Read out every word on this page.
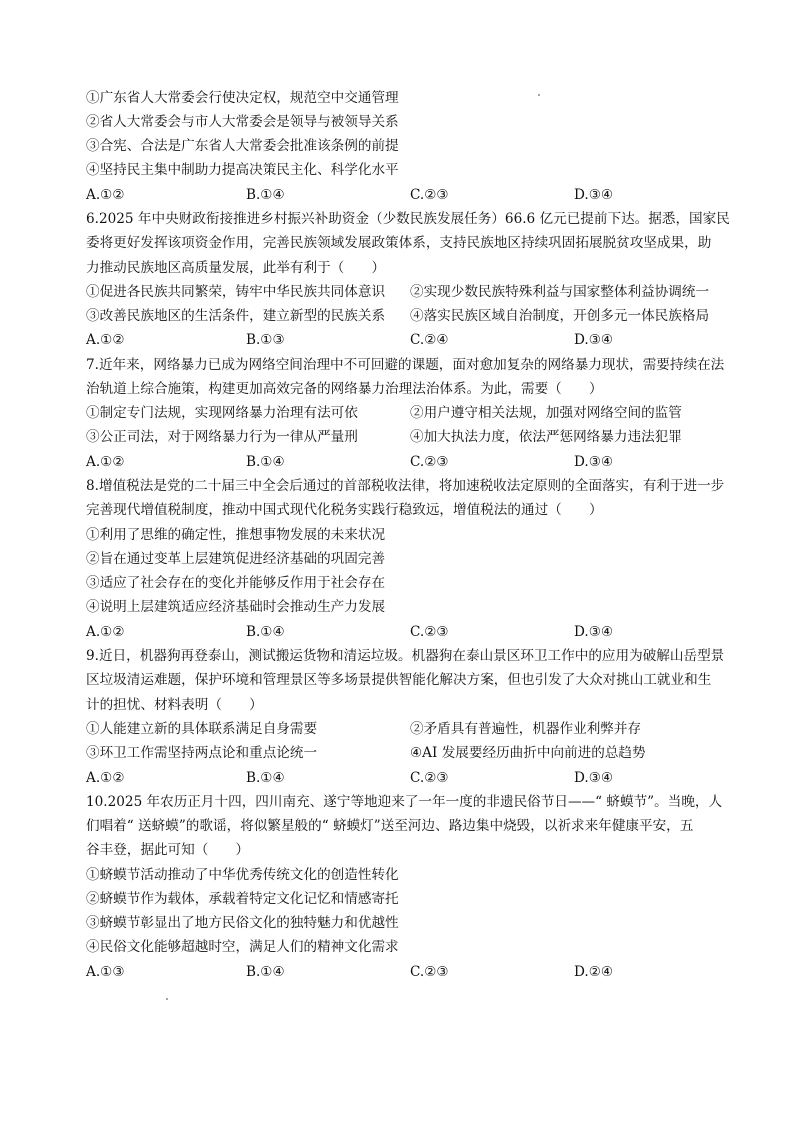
①广东省人大常委会行使决定权，规范空中交通管理
②省人大常委会与市人大常委会是领导与被领导关系
③合宪、合法是广东省人大常委会批准该条例的前提
④坚持民主集中制助力提高决策民主化、科学化水平
A.①②	B.①④	C.②③	D.③④
6.2025 年中央财政衔接推进乡村振兴补助资金（少数民族发展任务）66.6 亿元已提前下达。据悉，国家民
委将更好发挥该项资金作用，完善民族领域发展政策体系，支持民族地区持续巩固拓展脱贫攻坚成果，助
力推动民族地区高质量发展，此举有利于（　　）
①促进各民族共同繁荣，铸牢中华民族共同体意识 ②实现少数民族特殊利益与国家整体利益协调统一
③改善民族地区的生活条件，建立新型的民族关系 ④落实民族区域自治制度，开创多元一体民族格局
A.①②	B.①③	C.②④	D.③④
7.近年来，网络暴力已成为网络空间治理中不可回避的课题，面对愈加复杂的网络暴力现状，需要持续在法
治轨道上综合施策，构建更加高效完备的网络暴力治理法治体系。为此，需要（　　）
①制定专门法规，实现网络暴力治理有法可依	②用户遵守相关法规，加强对网络空间的监管
③公正司法，对于网络暴力行为一律从严量刑	④加大执法力度，依法严惩网络暴力违法犯罪
A.①②	B.①④	C.②③	D.③④
8.增值税法是党的二十届三中全会后通过的首部税收法律，将加速税收法定原则的全面落实，有利于进一步
完善现代增值税制度，推动中国式现代化税务实践行稳致远，增值税法的通过（　　）
①利用了思维的确定性，推想事物发展的未来状况
②旨在通过变革上层建筑促进经济基础的巩固完善
③适应了社会存在的变化并能够反作用于社会存在
④说明上层建筑适应经济基础时会推动生产力发展
A.①②	B.①④	C.②③	D.③④
9.近日，机器狗再登泰山，测试搬运货物和清运垃圾。机器狗在泰山景区环卫工作中的应用为破解山岳型景
区垃圾清运难题，保护环境和管理景区等多场景提供智能化解决方案，但也引发了大众对挑山工就业和生
计的担忧、材料表明（　　）
①人能建立新的具体联系满足自身需要	②矛盾具有普遍性，机器作业利弊并存
③环卫工作需坚持两点论和重点论统一	④AI 发展要经历曲折中向前进的总趋势
A.①②	B.①④	C.②③	D.③④
10.2025 年农历正月十四，四川南充、遂宁等地迎来了一年一度的非遗民俗节日——“ 蛴蟆节”。当晚，人
们唱着“ 送蛴蟆”的歌谣，将似繁星般的“ 蛴蟆灯”送至河边、路边集中烧毁，以祈求来年健康平安，五
谷丰登，据此可知（　　）
①蛴蟆节活动推动了中华优秀传统文化的创造性转化
②蛴蟆节作为载体，承载着特定文化记忆和情感寄托
③蛴蟆节彰显出了地方民俗文化的独特魅力和优越性
④民俗文化能够超越时空，满足人们的精神文化需求
A.①③	B.①④	C.②③	D.②④
